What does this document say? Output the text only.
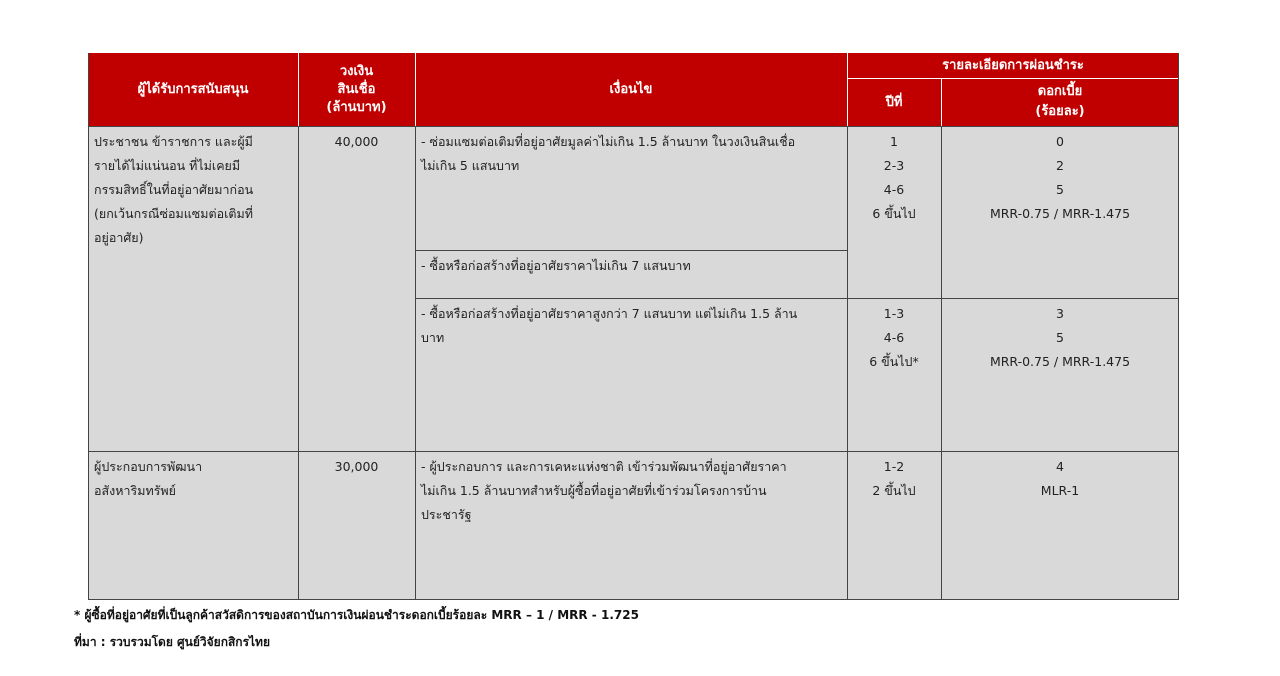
ผู้ได้รับการสนับสนุน
วงเงิน
สินเชื่อ
(ล้านบาท)
เงื่อนไข
รายละเอียดการผ่อนชำระ
ปีที่
ดอกเบี้ย
(ร้อยละ)
ประชาชน ข้าราชการ และผู้มี
รายได้ไม่แน่นอน ที่ไม่เคยมี
กรรมสิทธิ์ในที่อยู่อาศัยมาก่อน
(ยกเว้นกรณีซ่อมแซมต่อเติมที่
อยู่อาศัย)
40,000	- ซ่อมแซมต่อเติมที่อยู่อาศัยมูลค่าไม่เกิน 1.5 ล้านบาท ในวงเงินสินเชื่อ
ไม่เกิน 5 แสนบาท
- ซื้อหรือก่อสร้างที่อยู่อาศัยราคาไม่เกิน 7 แสนบาท
- ซื้อหรือก่อสร้างที่อยู่อาศัยราคาสูงกว่า 7 แสนบาท แต่ไม่เกิน 1.5 ล้าน
บาท
1
2-3
4-6
6 ขึ้นไป
0
2
5
MRR-0.75 / MRR-1.475
1-3
4-6
6 ขึ้นไป*
3
5
MRR-0.75 / MRR-1.475
ผู้ประกอบการพัฒนา
อสังหาริมทรัพย์
30,000	- ผู้ประกอบการ และการเคหะแห่งชาติ เข้าร่วมพัฒนาที่อยู่อาศัยราคา
ไม่เกิน 1.5 ล้านบาทสำหรับผู้ซื้อที่อยู่อาศัยที่เข้าร่วมโครงการบ้าน
ประชารัฐ
1-2
2 ขึ้นไป
4
MLR-1
* ผู้ซื้อที่อยู่อาศัยที่เป็นลูกค้าสวัสดิการของสถาบันการเงินผ่อนชำระดอกเบี้ยร้อยละ MRR – 1 / MRR - 1.725
ที่มา : รวบรวมโดย ศูนย์วิจัยกสิกรไทย
